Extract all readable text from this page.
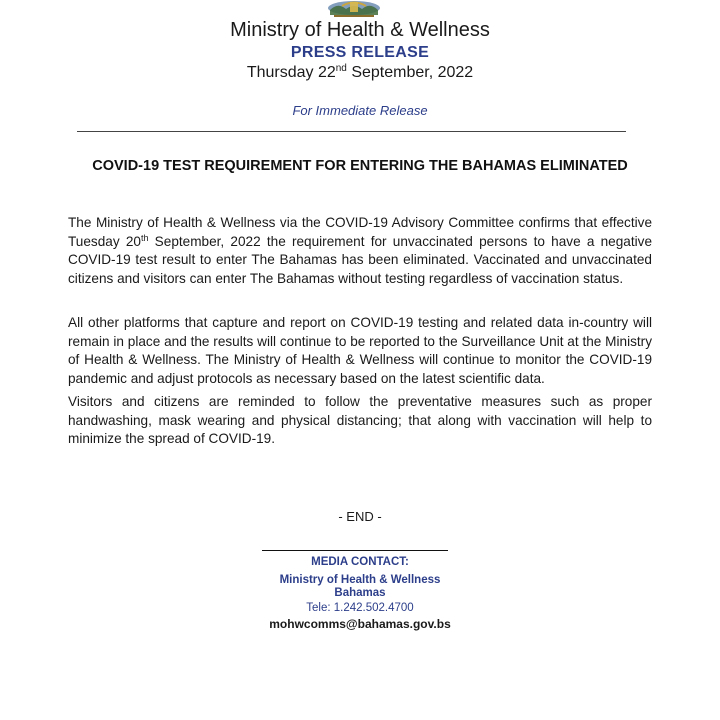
Ministry of Health & Wellness
PRESS RELEASE
Thursday 22nd September, 2022
For Immediate Release
COVID-19 TEST REQUIREMENT FOR ENTERING THE BAHAMAS ELIMINATED
The Ministry of Health & Wellness via the COVID-19 Advisory Committee confirms that effective Tuesday 20th September, 2022 the requirement for unvaccinated persons to have a negative COVID-19 test result to enter The Bahamas has been eliminated. Vaccinated and unvaccinated citizens and visitors can enter The Bahamas without testing regardless of vaccination status.
All other platforms that capture and report on COVID-19 testing and related data in-country will remain in place and the results will continue to be reported to the Surveillance Unit at the Ministry of Health & Wellness. The Ministry of Health & Wellness will continue to monitor the COVID-19 pandemic and adjust protocols as necessary based on the latest scientific data.
Visitors and citizens are reminded to follow the preventative measures such as proper handwashing, mask wearing and physical distancing; that along with vaccination will help to minimize the spread of COVID-19.
- END -
MEDIA CONTACT:
Ministry of Health & Wellness
Bahamas
Tele: 1.242.502.4700
mohwcomms@bahamas.gov.bs
